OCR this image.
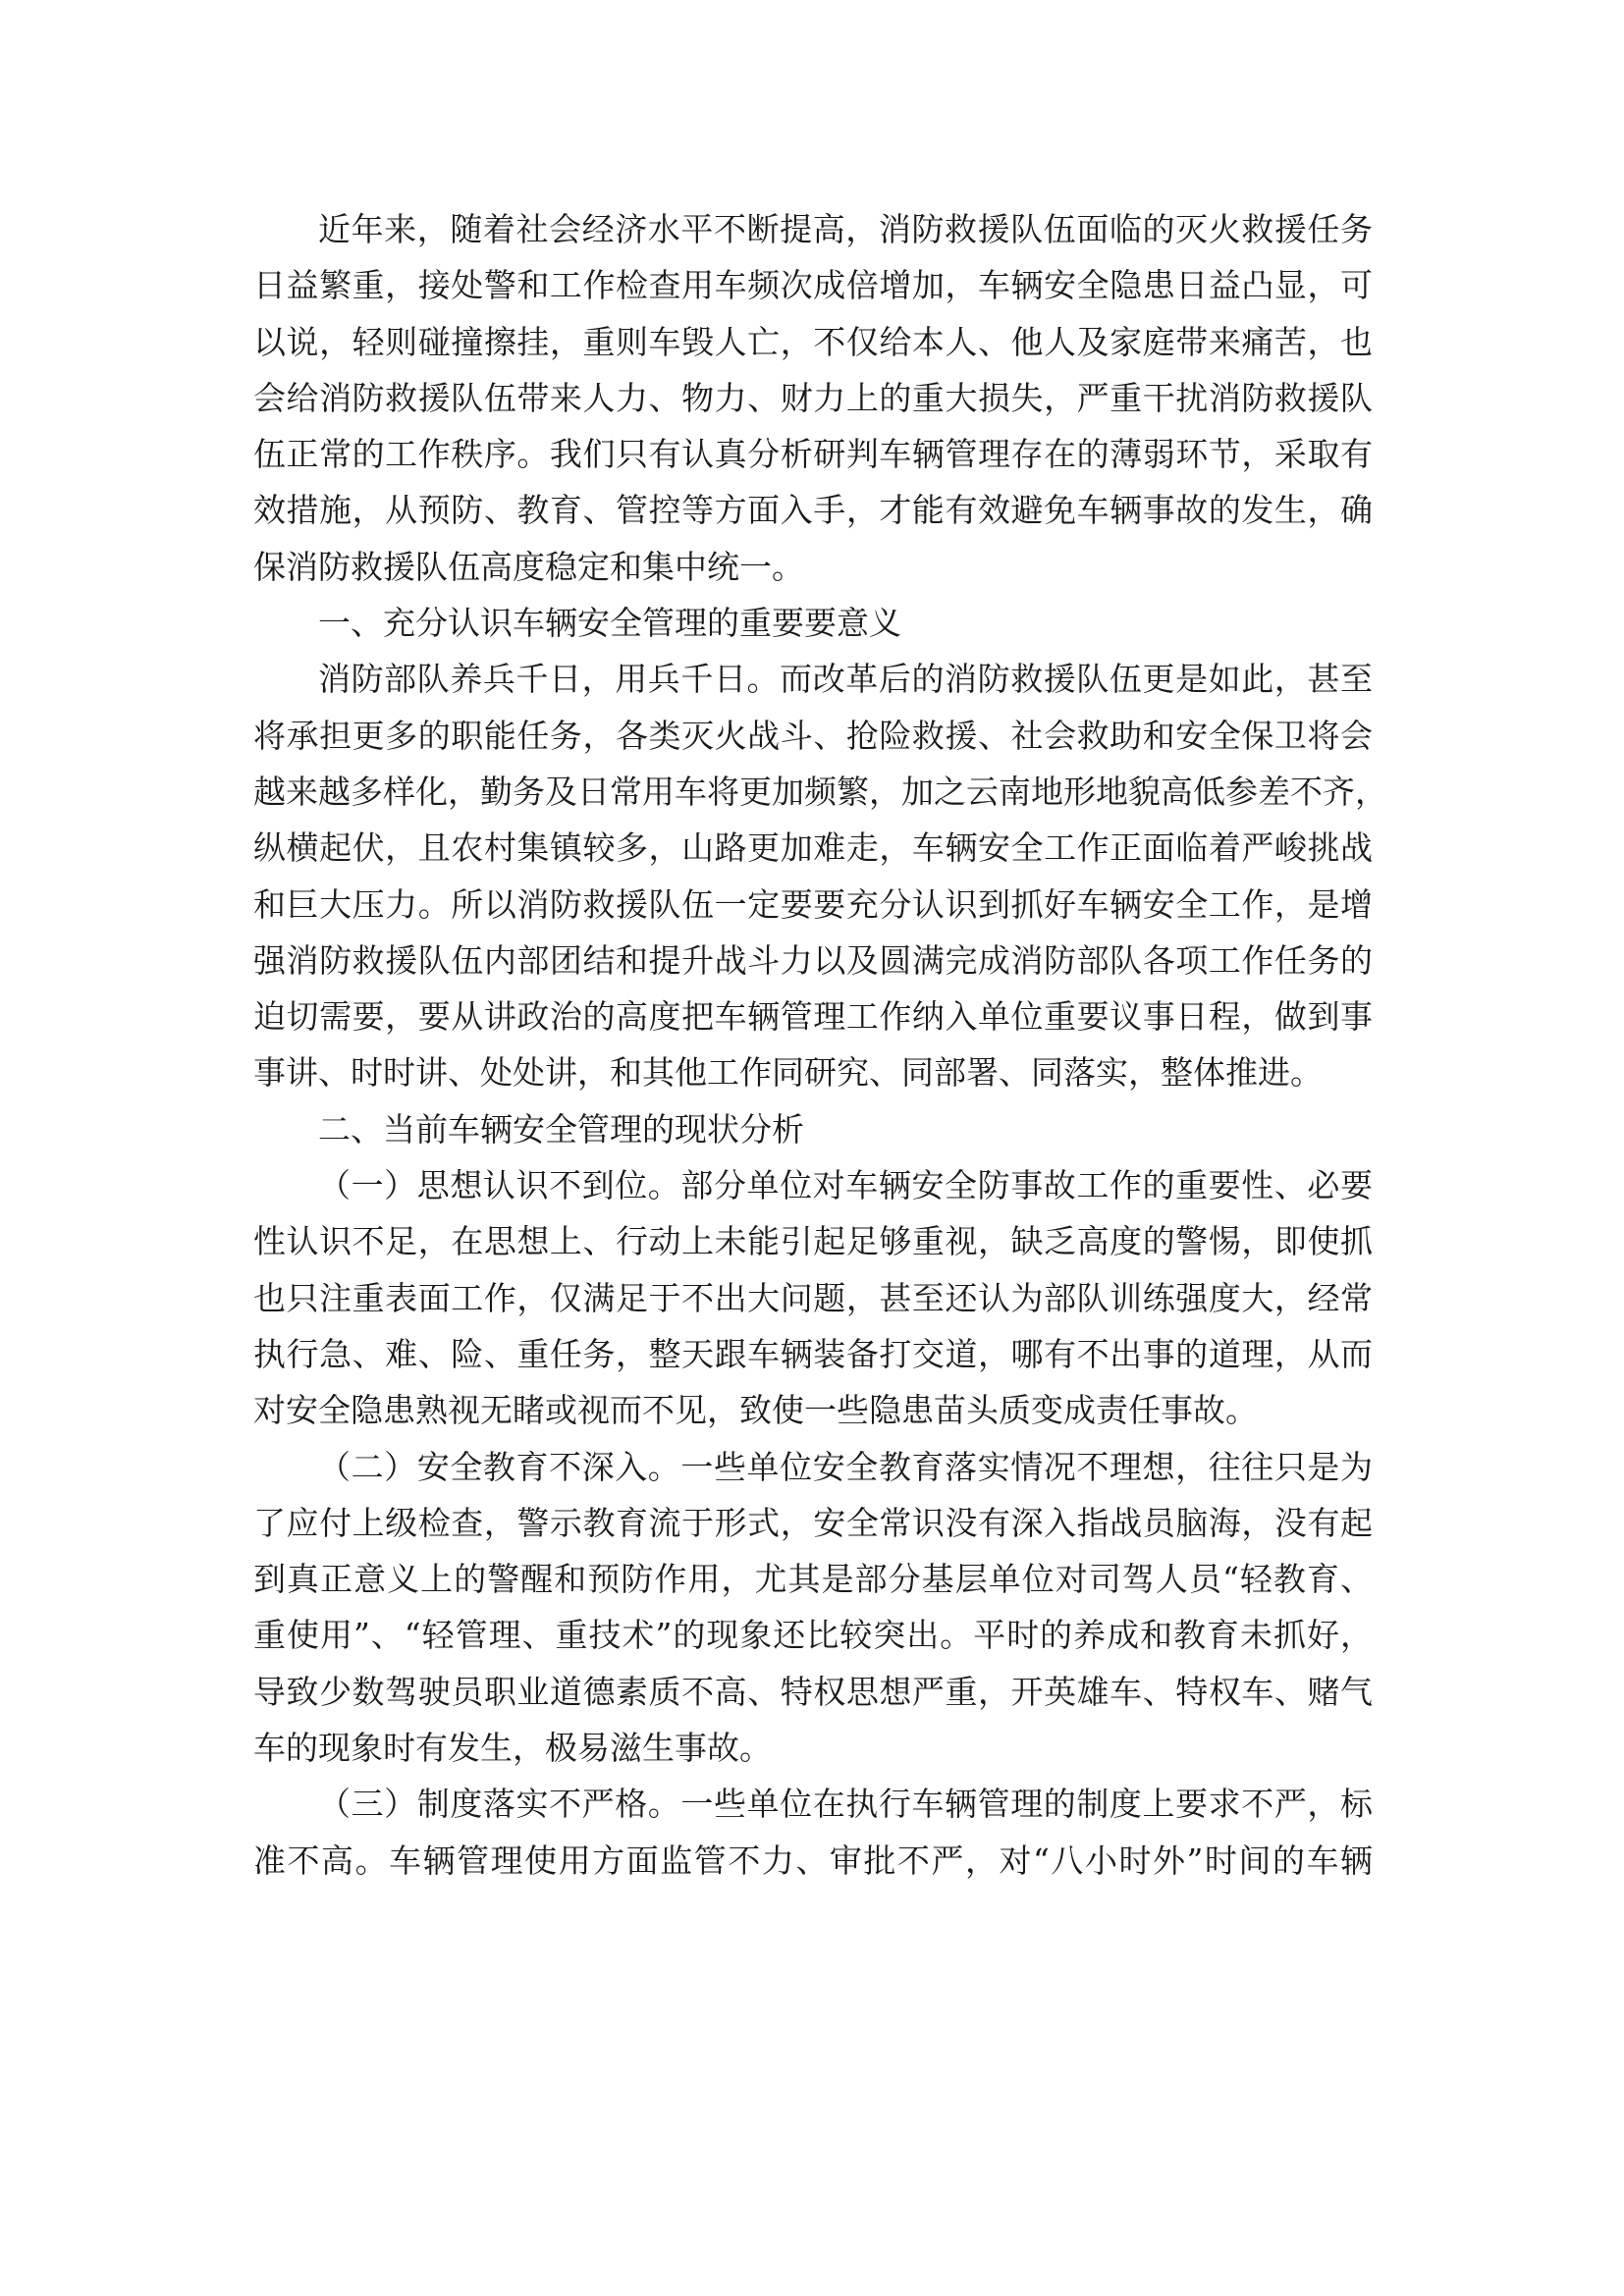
近年来，随着社会经济水平不断提高，消防救援队伍面临的灭火救援任务
日益繁重，接处警和工作检查用车频次成倍增加，车辆安全隐患日益凸显，可
以说，轻则碰撞擦挂，重则车毁人亡，不仅给本人、他人及家庭带来痛苦，也
会给消防救援队伍带来人力、物力、财力上的重大损失，严重干扰消防救援队
伍正常的工作秩序。我们只有认真分析研判车辆管理存在的薄弱环节，采取有
效措施，从预防、教育、管控等方面入手，才能有效避免车辆事故的发生，确
保消防救援队伍高度稳定和集中统一。
一、充分认识车辆安全管理的重要要意义
消防部队养兵千日，用兵千日。而改革后的消防救援队伍更是如此，甚至
将承担更多的职能任务，各类灭火战斗、抢险救援、社会救助和安全保卫将会
越来越多样化，勤务及日常用车将更加频繁，加之云南地形地貌高低参差不齐，
纵横起伏，且农村集镇较多，山路更加难走，车辆安全工作正面临着严峻挑战
和巨大压力。所以消防救援队伍一定要要充分认识到抓好车辆安全工作，是增
强消防救援队伍内部团结和提升战斗力以及圆满完成消防部队各项工作任务的
迫切需要，要从讲政治的高度把车辆管理工作纳入单位重要议事日程，做到事
事讲、时时讲、处处讲，和其他工作同研究、同部署、同落实，整体推进。
二、当前车辆安全管理的现状分析
（一）思想认识不到位。部分单位对车辆安全防事故工作的重要性、必要
性认识不足，在思想上、行动上未能引起足够重视，缺乏高度的警惕，即使抓
也只注重表面工作，仅满足于不出大问题，甚至还认为部队训练强度大，经常
执行急、难、险、重任务，整天跟车辆装备打交道，哪有不出事的道理，从而
对安全隐患熟视无睹或视而不见，致使一些隐患苗头质变成责任事故。
（二）安全教育不深入。一些单位安全教育落实情况不理想，往往只是为
了应付上级检查，警示教育流于形式，安全常识没有深入指战员脑海，没有起
到真正意义上的警醒和预防作用，尤其是部分基层单位对司驾人员“轻教育、
重使用”、“轻管理、重技术”的现象还比较突出。平时的养成和教育未抓好，
导致少数驾驶员职业道德素质不高、特权思想严重，开英雄车、特权车、赌气
车的现象时有发生，极易滋生事故。
（三）制度落实不严格。一些单位在执行车辆管理的制度上要求不严，标
准不高。车辆管理使用方面监管不力、审批不严，对“八小时外”时间的车辆
